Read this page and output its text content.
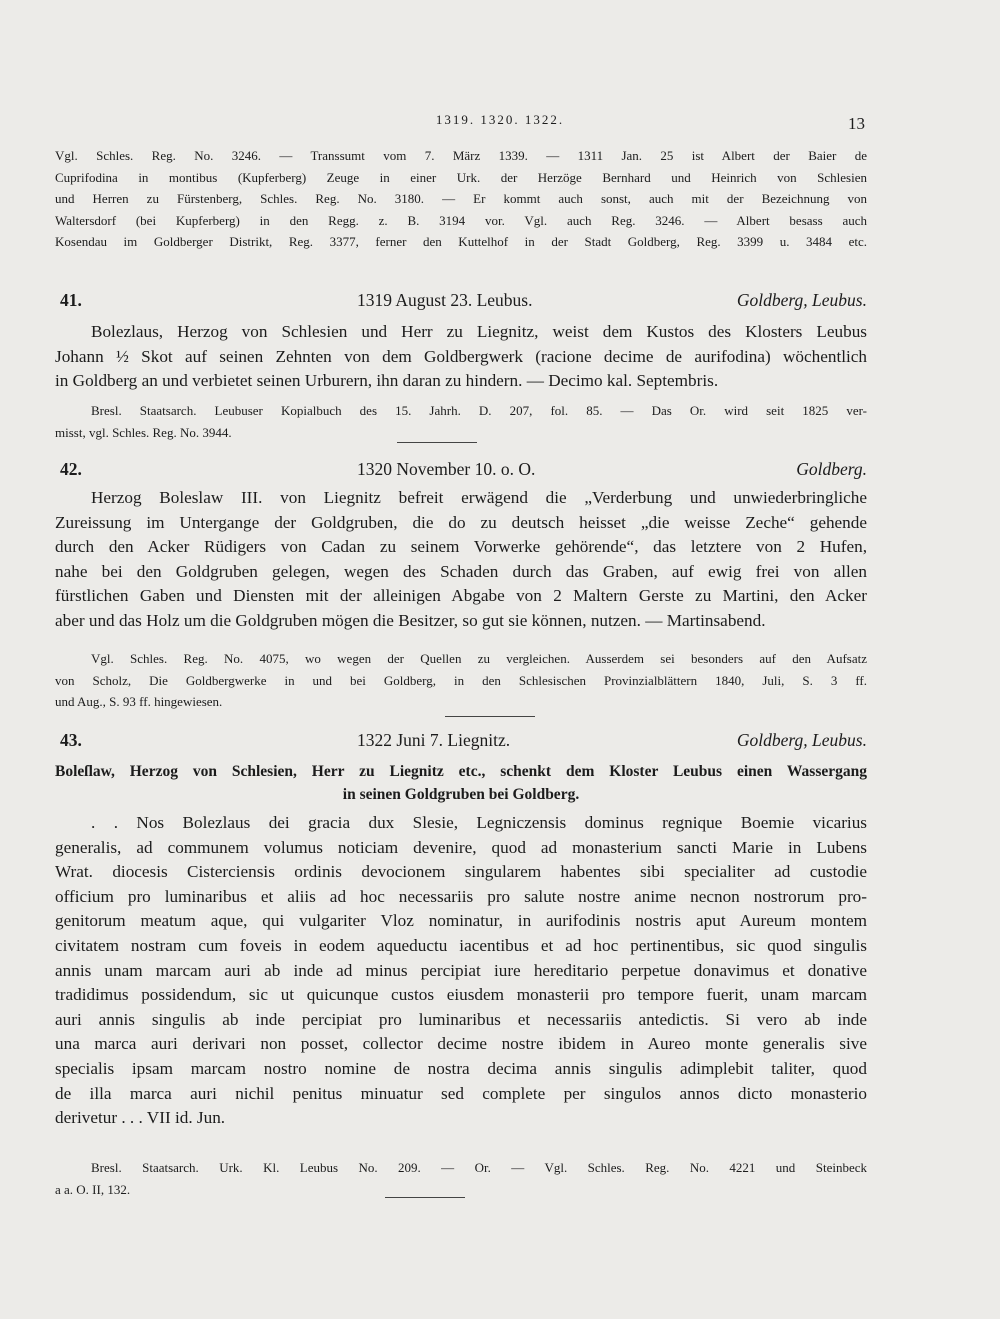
1319. 1320. 1322.	13
Vgl. Schles. Reg. No. 3246. — Transsumt vom 7. März 1339. — 1311 Jan. 25 ist Albert der Baier de
Cuprifodina in montibus (Kupferberg) Zeuge in einer Urk. der Herzöge Bernhard und Heinrich von Schlesien
und Herren zu Fürstenberg, Schles. Reg. No. 3180. — Er kommt auch sonst, auch mit der Bezeichnung von
Waltersdorf (bei Kupferberg) in den Regg. z. B. 3194 vor. Vgl. auch Reg. 3246. — Albert besass auch
Kosendau im Goldberger Distrikt, Reg. 3377, ferner den Kuttelhof in der Stadt Goldberg, Reg. 3399 u. 3484 etc.
41.	1319 August 23. Leubus.	Goldberg, Leubus.
Bolezlaus, Herzog von Schlesien und Herr zu Liegnitz, weist dem Kustos des Klosters Leubus
Johann ½ Skot auf seinen Zehnten von dem Goldbergwerk (racione decime de aurifodina) wöchentlich
in Goldberg an und verbietet seinen Urburern, ihn daran zu hindern. — Decimo kal. Septembris.
Bresl. Staatsarch. Leubuser Kopialbuch des 15. Jahrh. D. 207, fol. 85. — Das Or. wird seit 1825 ver-
misst, vgl. Schles. Reg. No. 3944.
42.	1320 November 10. o. O.	Goldberg.
Herzog Boleslaw III. von Liegnitz befreit erwägend die „Verderbung und unwiederbringliche
Zureissung im Untergange der Goldgruben, die do zu deutsch heisset „die weisse Zeche“ gehende
durch den Acker Rüdigers von Cadan zu seinem Vorwerke gehörende“, das letztere von 2 Hufen,
nahe bei den Goldgruben gelegen, wegen des Schaden durch das Graben, auf ewig frei von allen
fürstlichen Gaben und Diensten mit der alleinigen Abgabe von 2 Maltern Gerste zu Martini, den Acker
aber und das Holz um die Goldgruben mögen die Besitzer, so gut sie können, nutzen. — Martinsabend.
Vgl. Schles. Reg. No. 4075, wo wegen der Quellen zu vergleichen. Ausserdem sei besonders auf den Aufsatz
von Scholz, Die Goldbergwerke in und bei Goldberg, in den Schlesischen Provinzialblättern 1840, Juli, S. 3 ff.
und Aug., S. 93 ff. hingewiesen.
43.	1322 Juni 7. Liegnitz.	Goldberg, Leubus.
Boleſlaw, Herzog von Schlesien, Herr zu Liegnitz etc., schenkt dem Kloster Leubus einen Wassergang
in seinen Goldgruben bei Goldberg.
. . Nos Bolezlaus dei gracia dux Slesie, Legniczensis dominus regnique Boemie vicarius
generalis, ad communem volumus noticiam devenire, quod ad monasterium sancti Marie in Lubens
Wrat. diocesis Cisterciensis ordinis devocionem singularem habentes sibi specialiter ad custodie
officium pro luminaribus et aliis ad hoc necessariis pro salute nostre anime necnon nostrorum pro-
genitorum meatum aque, qui vulgariter Vloz nominatur, in aurifodinis nostris aput Aureum montem
civitatem nostram cum foveis in eodem aqueductu iacentibus et ad hoc pertinentibus, sic quod singulis
annis unam marcam auri ab inde ad minus percipiat iure hereditario perpetue donavimus et donative
tradidimus possidendum, sic ut quicunque custos eiusdem monasterii pro tempore fuerit, unam marcam
auri annis singulis ab inde percipiat pro luminaribus et necessariis antedictis. Si vero ab inde
una marca auri derivari non posset, collector decime nostre ibidem in Aureo monte generalis sive
specialis ipsam marcam nostro nomine de nostra decima annis singulis adimplebit taliter, quod
de illa marca auri nichil penitus minuatur sed complete per singulos annos dicto monasterio
derivetur . . . VII id. Jun.
Bresl. Staatsarch. Urk. Kl. Leubus No. 209. — Or. — Vgl. Schles. Reg. No. 4221 und Steinbeck
a a. O. II, 132.
